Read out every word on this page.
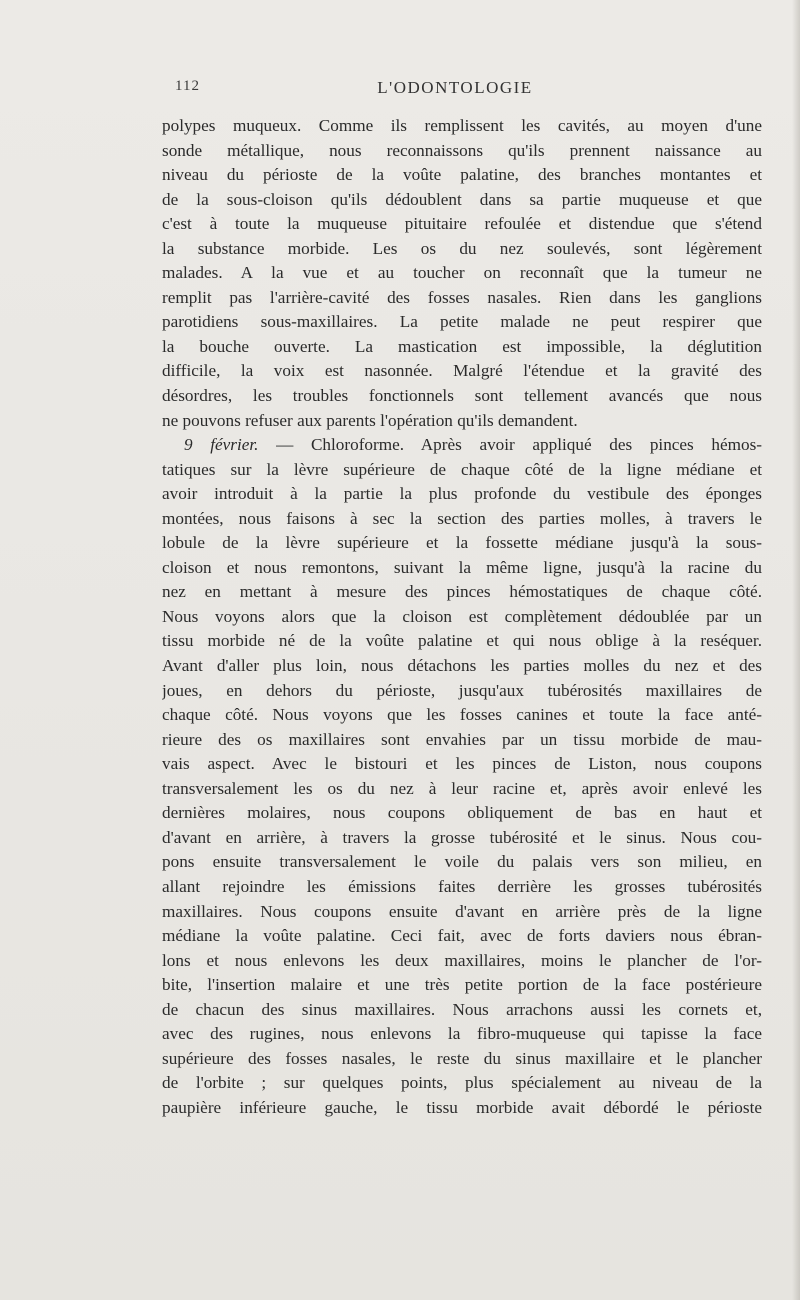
112	L'ODONTOLOGIE
polypes muqueux. Comme ils remplissent les cavités, au moyen d'une
sonde métallique, nous reconnaissons qu'ils prennent naissance au
niveau du périoste de la voûte palatine, des branches montantes et
de la sous-cloison qu'ils dédoublent dans sa partie muqueuse et que
c'est à toute la muqueuse pituitaire refoulée et distendue que s'étend
la substance morbide. Les os du nez soulevés, sont légèrement
malades. A la vue et au toucher on reconnaît que la tumeur ne
remplit pas l'arrière-cavité des fosses nasales. Rien dans les ganglions
parotidiens sous-maxillaires. La petite malade ne peut respirer que
la bouche ouverte. La mastication est impossible, la déglutition
difficile, la voix est nasonnée. Malgré l'étendue et la gravité des
désordres, les troubles fonctionnels sont tellement avancés que nous
ne pouvons refuser aux parents l'opération qu'ils demandent.
9 février. — Chloroforme. Après avoir appliqué des pinces hémos-
tatiques sur la lèvre supérieure de chaque côté de la ligne médiane et
avoir introduit à la partie la plus profonde du vestibule des éponges
montées, nous faisons à sec la section des parties molles, à travers le
lobule de la lèvre supérieure et la fossette médiane jusqu'à la sous-
cloison et nous remontons, suivant la même ligne, jusqu'à la racine du
nez en mettant à mesure des pinces hémostatiques de chaque côté.
Nous voyons alors que la cloison est complètement dédoublée par un
tissu morbide né de la voûte palatine et qui nous oblige à la reséquer.
Avant d'aller plus loin, nous détachons les parties molles du nez et des
joues, en dehors du périoste, jusqu'aux tubérosités maxillaires de
chaque côté. Nous voyons que les fosses canines et toute la face anté-
rieure des os maxillaires sont envahies par un tissu morbide de mau-
vais aspect. Avec le bistouri et les pinces de Liston, nous coupons
transversalement les os du nez à leur racine et, après avoir enlevé les
dernières molaires, nous coupons obliquement de bas en haut et
d'avant en arrière, à travers la grosse tubérosité et le sinus. Nous cou-
pons ensuite transversalement le voile du palais vers son milieu, en
allant rejoindre les émissions faites derrière les grosses tubérosités
maxillaires. Nous coupons ensuite d'avant en arrière près de la ligne
médiane la voûte palatine. Ceci fait, avec de forts daviers nous ébran-
lons et nous enlevons les deux maxillaires, moins le plancher de l'or-
bite, l'insertion malaire et une très petite portion de la face postérieure
de chacun des sinus maxillaires. Nous arrachons aussi les cornets et,
avec des rugines, nous enlevons la fibro-muqueuse qui tapisse la face
supérieure des fosses nasales, le reste du sinus maxillaire et le plancher
de l'orbite ; sur quelques points, plus spécialement au niveau de la
paupière inférieure gauche, le tissu morbide avait débordé le périoste
